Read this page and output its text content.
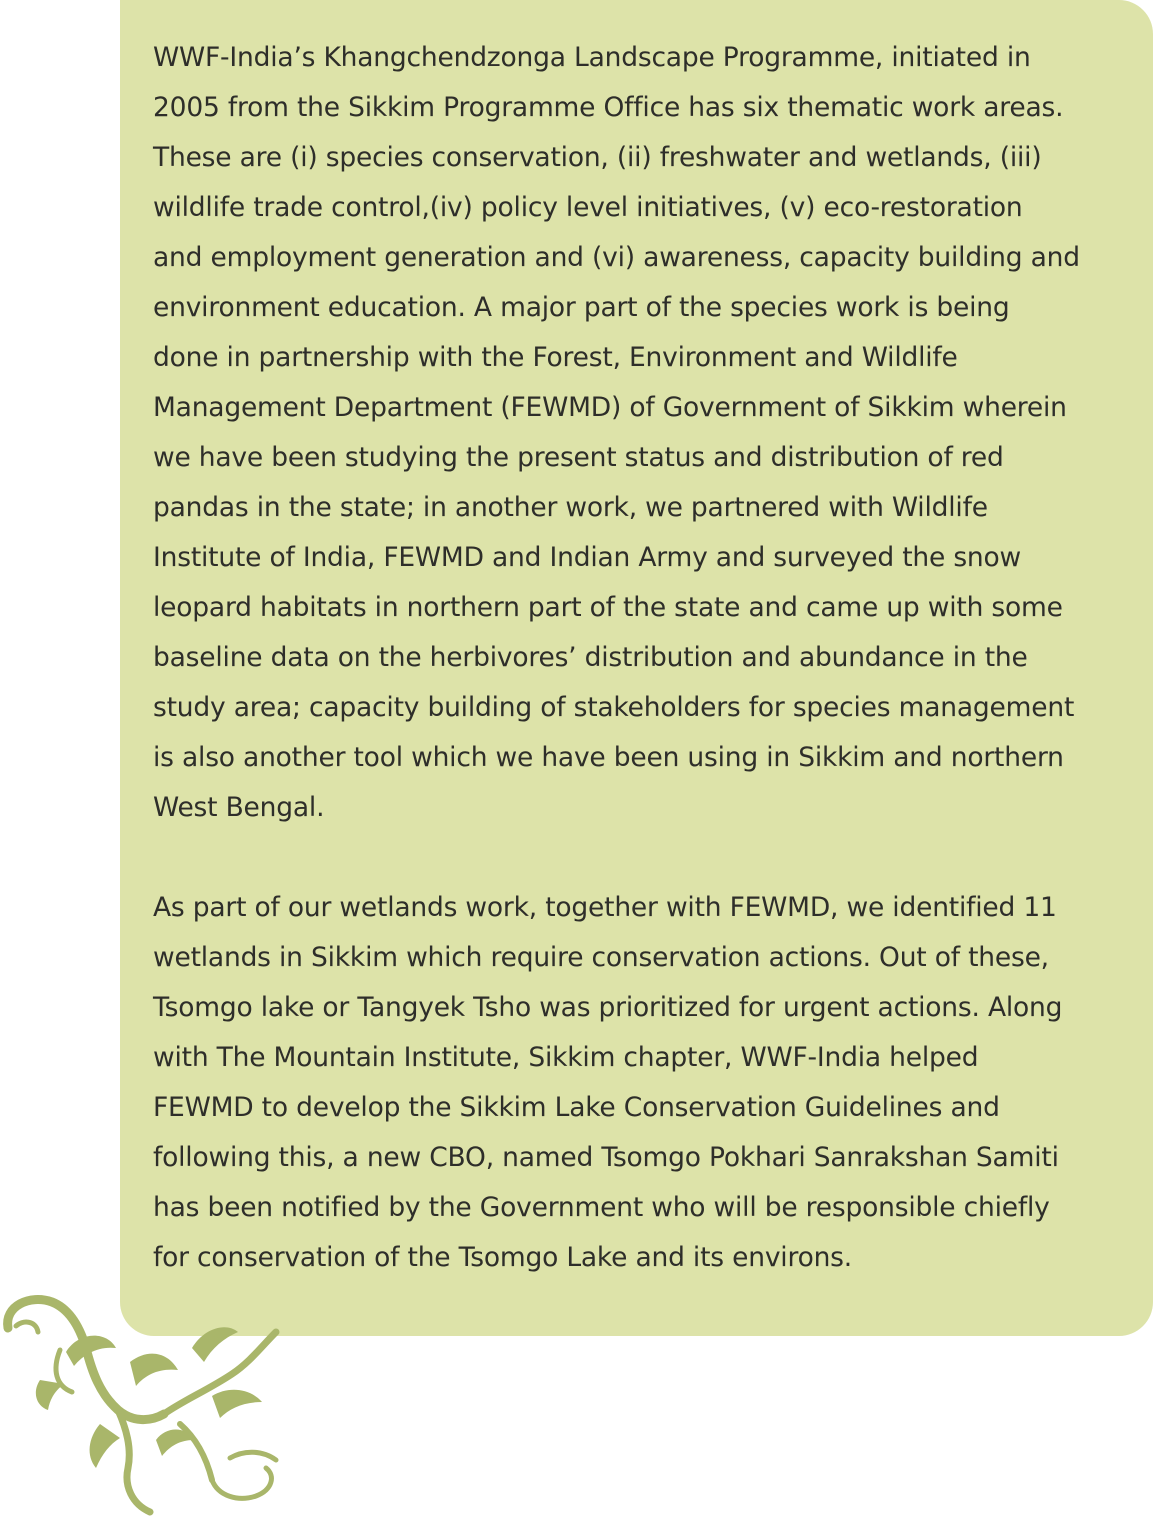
WWF-India’s Khangchendzonga Landscape Programme, initiated in
2005 from the Sikkim Programme Office has six thematic work areas.
These are (i) species conservation, (ii) freshwater and wetlands, (iii)
wildlife trade control,(iv) policy level initiatives, (v) eco-restoration
and employment generation and (vi) awareness, capacity building and
environment education. A major part of the species work is being
done in partnership with the Forest, Environment and Wildlife
Management Department (FEWMD) of Government of Sikkim wherein
we have been studying the present status and distribution of red
pandas in the state; in another work, we partnered with Wildlife
Institute of India, FEWMD and Indian Army and surveyed the snow
leopard habitats in northern part of the state and came up with some
baseline data on the herbivores’ distribution and abundance in the
study area; capacity building of stakeholders for species management
is also another tool which we have been using in Sikkim and northern
West Bengal.

As part of our wetlands work, together with FEWMD, we identified 11
wetlands in Sikkim which require conservation actions. Out of these,
Tsomgo lake or Tangyek Tsho was prioritized for urgent actions. Along
with The Mountain Institute, Sikkim chapter, WWF-India helped
FEWMD to develop the Sikkim Lake Conservation Guidelines and
following this, a new CBO, named Tsomgo Pokhari Sanrakshan Samiti
has been notified by the Government who will be responsible chiefly
for conservation of the Tsomgo Lake and its environs.
